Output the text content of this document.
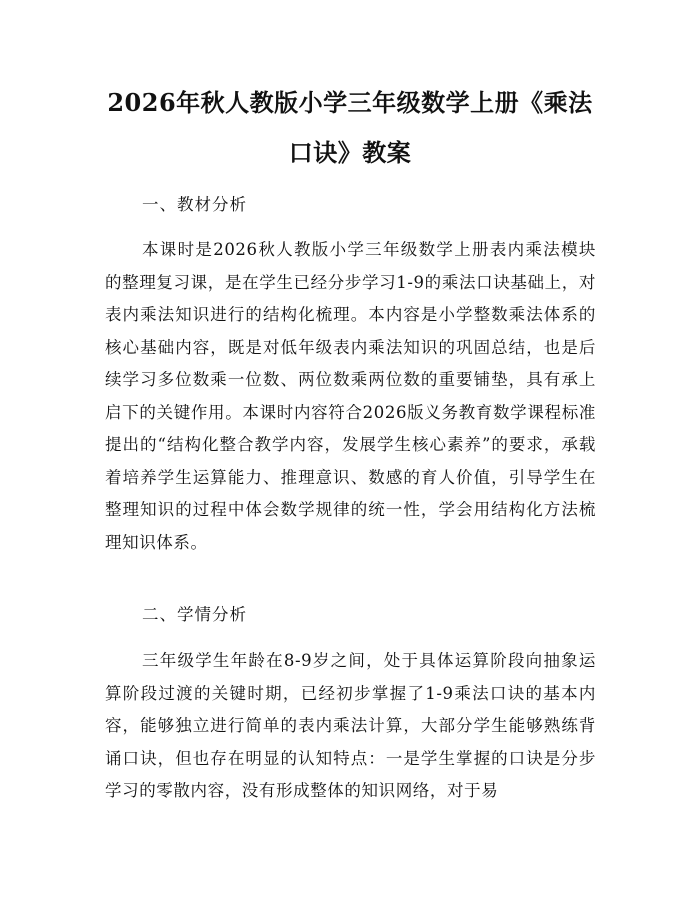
2026年秋人教版小学三年级数学上册《乘法口诀》教案
一、教材分析

本课时是2026秋人教版小学三年级数学上册表内乘法模块的整理复习课，是在学生已经分步学习1-9的乘法口诀基础上，对表内乘法知识进行的结构化梳理。本内容是小学整数乘法体系的核心基础内容，既是对低年级表内乘法知识的巩固总结，也是后续学习多位数乘一位数、两位数乘两位数的重要铺垫，具有承上启下的关键作用。本课时内容符合2026版义务教育数学课程标准提出的“结构化整合教学内容，发展学生核心素养”的要求，承载着培养学生运算能力、推理意识、数感的育人价值，引导学生在整理知识的过程中体会数学规律的统一性，学会用结构化方法梳理知识体系。

二、学情分析

三年级学生年龄在8-9岁之间，处于具体运算阶段向抽象运算阶段过渡的关键时期，已经初步掌握了1-9乘法口诀的基本内容，能够独立进行简单的表内乘法计算，大部分学生能够熟练背诵口诀，但也存在明显的认知特点：一是学生掌握的口诀是分步学习的零散内容，没有形成整体的知识网络，对于易
